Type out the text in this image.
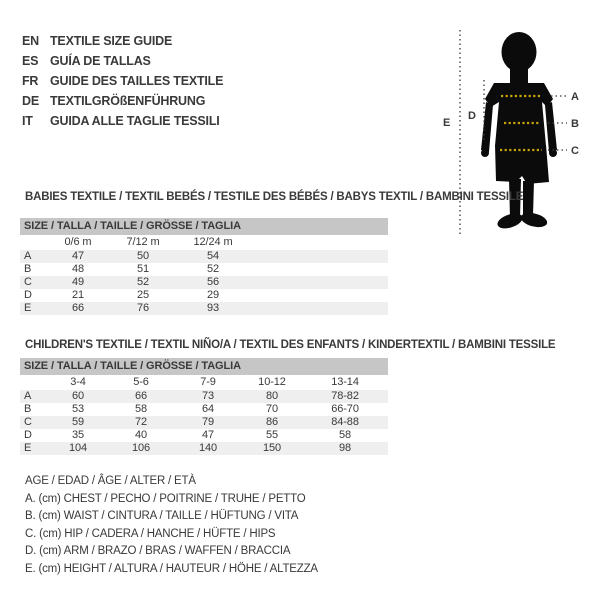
EN TEXTILE SIZE GUIDE
ES GUÍA DE TALLAS
FR GUIDE DES TAILLES TEXTILE
DE TEXTILGRÖßENFÜHRUNG
IT	GUIDA ALLE TAGLIE TESSILI	E
D
A
B
C
BABIES TEXTILE / TEXTIL BEBÉS / TESTILE DES BÉBÉS / BABYS TEXTIL / BAMBINI TESSILE
SIZE / TALLA / TAILLE / GRÖSSE / TAGLIA				
	0/6 m	7/12 m	12/24 m	
A	47	50	54	
B	48	51	52	
C	49	52	56	
D	21	25	29	
E	66	76	93	
CHILDREN'S TEXTILE / TEXTIL NIÑO/A / TEXTIL DES ENFANTS / KINDERTEXTIL / BAMBINI TESSILE
SIZE / TALLA / TAILLE / GRÖSSE / TAGLIA					
	3-4	5-6	7-9	10-12	13-14
A	60	66	73	80	78-82
B	53	58	64	70	66-70
C	59	72	79	86	84-88
D	35	40	47	55	58
E	104	106	140	150	98
AGE / EDAD / ÂGE / ALTER / ETÀ
A. (cm) CHEST / PECHO / POITRINE / TRUHE / PETTO
B. (cm) WAIST / CINTURA / TAILLE / HÜFTUNG / VITA
C. (cm) HIP / CADERA / HANCHE / HÜFTE / HIPS
D. (cm) ARM / BRAZO / BRAS / WAFFEN / BRACCIA
E. (cm) HEIGHT / ALTURA / HAUTEUR / HÖHE / ALTEZZA
